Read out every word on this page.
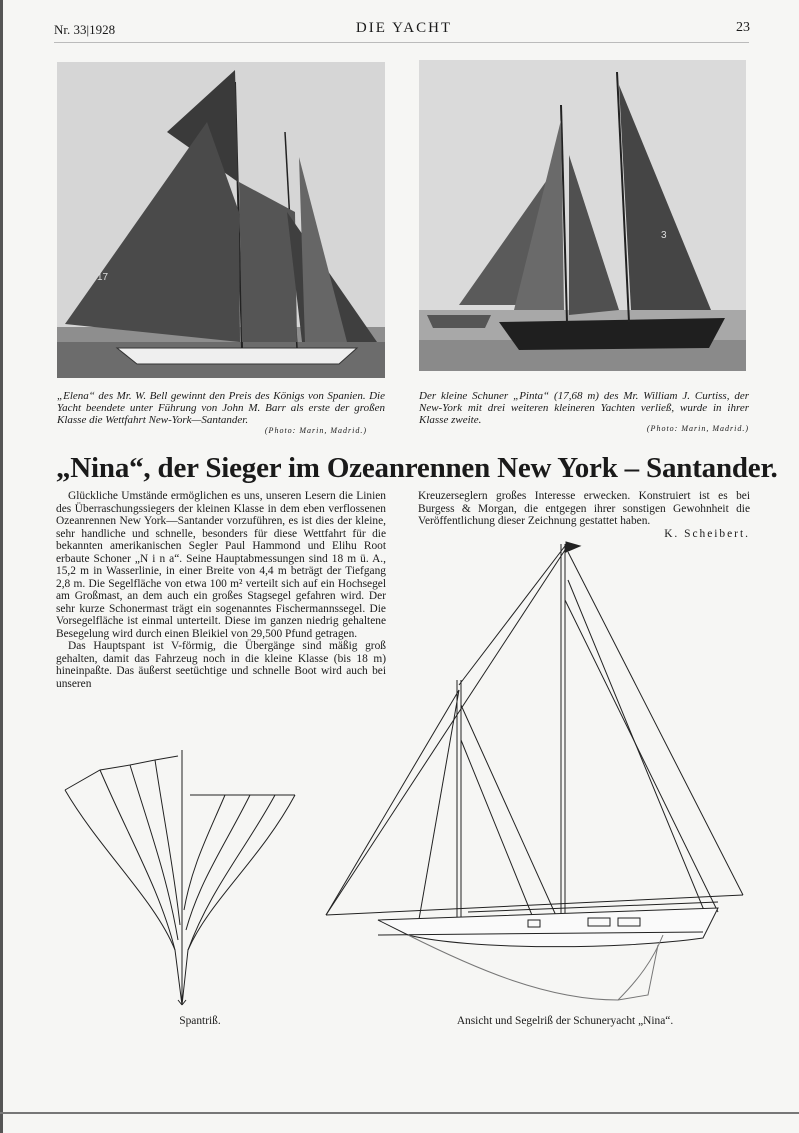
Nr. 33|1928	DIE YACHT	23
17
„Elena“ des Mr. W. Bell gewinnt den Preis des Königs von Spanien. Die Yacht beendete unter Führung von John M. Barr als erste der großen Klasse die Wettfahrt New-York—Santander.
(Photo: Marin, Madrid.)
3
Der kleine Schuner „Pinta“ (17,68 m) des Mr. William J. Curtiss, der New-York mit drei weiteren kleineren Yachten verließ, wurde in ihrer Klasse zweite.
(Photo: Marin, Madrid.)
„Nina“, der Sieger im Ozeanrennen New York – Santander.

Glückliche Umstände ermöglichen es uns, unseren Lesern die Linien des Überraschungssiegers der kleinen Klasse in dem eben verflossenen Ozeanrennen New York—Santander vorzuführen, es ist dies der kleine, sehr handliche und schnelle, besonders für diese Wettfahrt für die bekannten amerikanischen Segler Paul Hammond und Elihu Root erbaute Schoner „N i n a“. Seine Hauptabmessungen sind 18 m ü. A., 15,2 m in Wasserlinie, in einer Breite von 4,4 m beträgt der Tiefgang 2,8 m. Die Segelfläche von etwa 100 m² verteilt sich auf ein Hochsegel am Großmast, an dem auch ein großes Stagsegel gefahren wird. Der sehr kurze Schonermast trägt ein sogenanntes Fischermannssegel. Die Vorsegelfläche ist einmal unterteilt. Diese im ganzen niedrig gehaltene Besegelung wird durch einen Bleikiel von 29,500 Pfund getragen.

Das Hauptspant ist V-förmig, die Übergänge sind mäßig groß gehalten, damit das Fahrzeug noch in die kleine Klasse (bis 18 m) hineinpaßte. Das äußerst seetüchtige und schnelle Boot wird auch bei unseren

Kreuzerseglern großes Interesse erwecken. Konstruiert ist es bei Burgess & Morgan, die entgegen ihrer sonstigen Gewohnheit die Veröffentlichung dieser Zeichnung gestattet haben.

K. Scheibert.
Spantriß.	Ansicht und Segelriß der Schuneryacht „Nina“.
